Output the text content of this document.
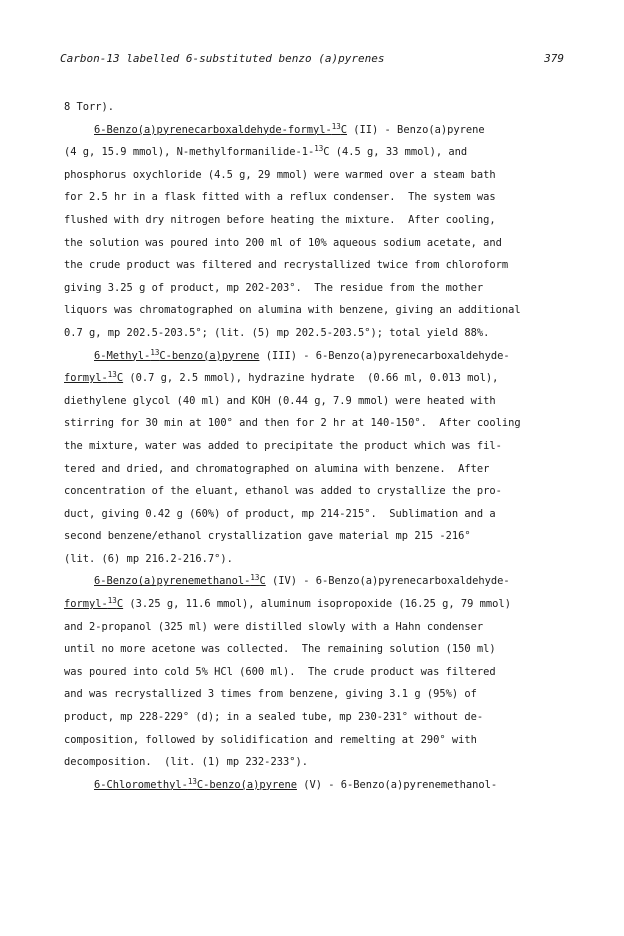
Carbon-13 labelled 6-substituted benzo (a)pyrenes	379
8 Torr).
6-Benzo(a)pyrenecarboxaldehyde-formyl-$^{13}$C (II) - Benzo(a)pyrene
(4 g, 15.9 mmol), N-methylformanilide-1-$^{13}$C (4.5 g, 33 mmol), and
phosphorus oxychloride (4.5 g, 29 mmol) were warmed over a steam bath
for 2.5 hr in a flask fitted with a reflux condenser.  The system was
flushed with dry nitrogen before heating the mixture.  After cooling,
the solution was poured into 200 ml of 10% aqueous sodium acetate, and
the crude product was filtered and recrystallized twice from chloroform
giving 3.25 g of product, mp 202-203°.  The residue from the mother
liquors was chromatographed on alumina with benzene, giving an additional
0.7 g, mp 202.5-203.5°; (lit. (5) mp 202.5-203.5°); total yield 88%.
6-Methyl-$^{13}$C-benzo(a)pyrene (III) - 6-Benzo(a)pyrenecarboxaldehyde-
formyl-$^{13}$C (0.7 g, 2.5 mmol), hydrazine hydrate  (0.66 ml, 0.013 mol),
diethylene glycol (40 ml) and KOH (0.44 g, 7.9 mmol) were heated with
stirring for 30 min at 100° and then for 2 hr at 140-150°.  After cooling
the mixture, water was added to precipitate the product which was fil-
tered and dried, and chromatographed on alumina with benzene.  After
concentration of the eluant, ethanol was added to crystallize the pro-
duct, giving 0.42 g (60%) of product, mp 214-215°.  Sublimation and a
second benzene/ethanol crystallization gave material mp 215 -216°
(lit. (6) mp 216.2-216.7°).
6-Benzo(a)pyrenemethanol-$^{13}$C (IV) - 6-Benzo(a)pyrenecarboxaldehyde-
formyl-$^{13}$C (3.25 g, 11.6 mmol), aluminum isopropoxide (16.25 g, 79 mmol)
and 2-propanol (325 ml) were distilled slowly with a Hahn condenser
until no more acetone was collected.  The remaining solution (150 ml)
was poured into cold 5% HCl (600 ml).  The crude product was filtered
and was recrystallized 3 times from benzene, giving 3.1 g (95%) of
product, mp 228-229° (d); in a sealed tube, mp 230-231° without de-
composition, followed by solidification and remelting at 290° with
decomposition.  (lit. (1) mp 232-233°).
6-Chloromethyl-$^{13}$C-benzo(a)pyrene (V) - 6-Benzo(a)pyrenemethanol-
